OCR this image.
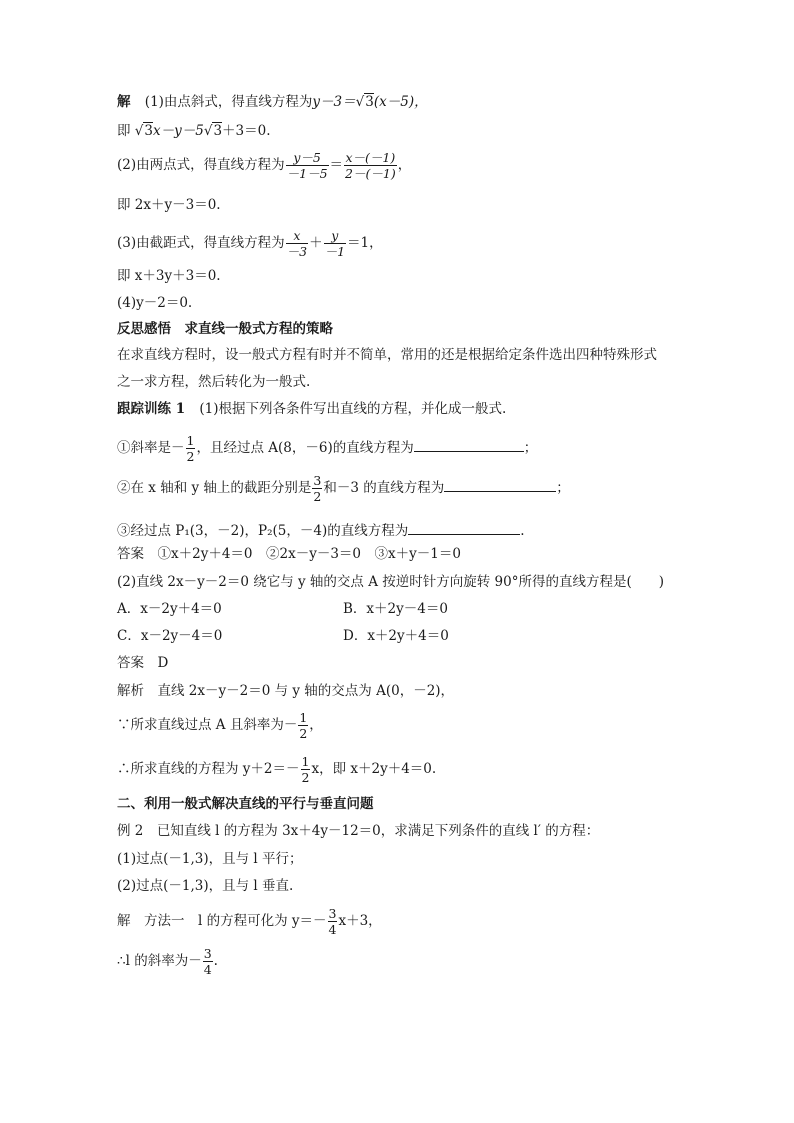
解 (1)由点斜式，得直线方程为y－3＝√3(x－5)，
即 √3x－y－5√3＋3＝0.
(2)由两点式，得直线方程为 $\frac{y-5}{-1-5} = \frac{x-(-1)}{2-(-1)}$ ，
即 2x＋y－3＝0.
(3)由截距式，得直线方程为 $\frac{x}{-3} + \frac{y}{-1} =1$，
即 x＋3y＋3＝0.
(4)y－2＝0.
反思感悟　求直线一般式方程的策略
在求直线方程时，设一般式方程有时并不简单，常用的还是根据给定条件选出四种特殊形式
之一求方程，然后转化为一般式.
跟踪训练 1 (1)根据下列各条件写出直线的方程，并化成一般式.
①斜率是－ $\frac{1}{2}$ ，且经过点 A(8，－6)的直线方程为	；
②在 x 轴和 y 轴上的截距分别是 $\frac{3}{2}$ 和－3 的直线方程为	；
③经过点 P₁(3，－2)，P₂(5，－4)的直线方程为	.
答案　①x＋2y＋4＝0　②2x－y－3＝0　③x＋y－1＝0
(2)直线 2x－y－2＝0 绕它与 y 轴的交点 A 按逆时针方向旋转 90°所得的直线方程是(　　)
A．x－2y＋4＝0	B．x＋2y－4＝0
C．x－2y－4＝0	D．x＋2y＋4＝0
答案　D
解析　直线 2x－y－2＝0 与 y 轴的交点为 A(0，－2)，
∵所求直线过点 A 且斜率为－ $\frac{1}{2}$ ，
∴所求直线的方程为 $y+2=- \frac{1}{2}$ x，即 x＋2y＋4＝0.
二、利用一般式解决直线的平行与垂直问题
例 2　已知直线 l 的方程为 3x＋4y－12＝0，求满足下列条件的直线 l′ 的方程：
(1)过点(－1,3)，且与 l 平行；
(2)过点(－1,3)，且与 l 垂直.
解　方法一　l 的方程可化为 $y=- \frac{3}{4} x+3$，
∴l 的斜率为－ $\frac{3}{4}$ .
